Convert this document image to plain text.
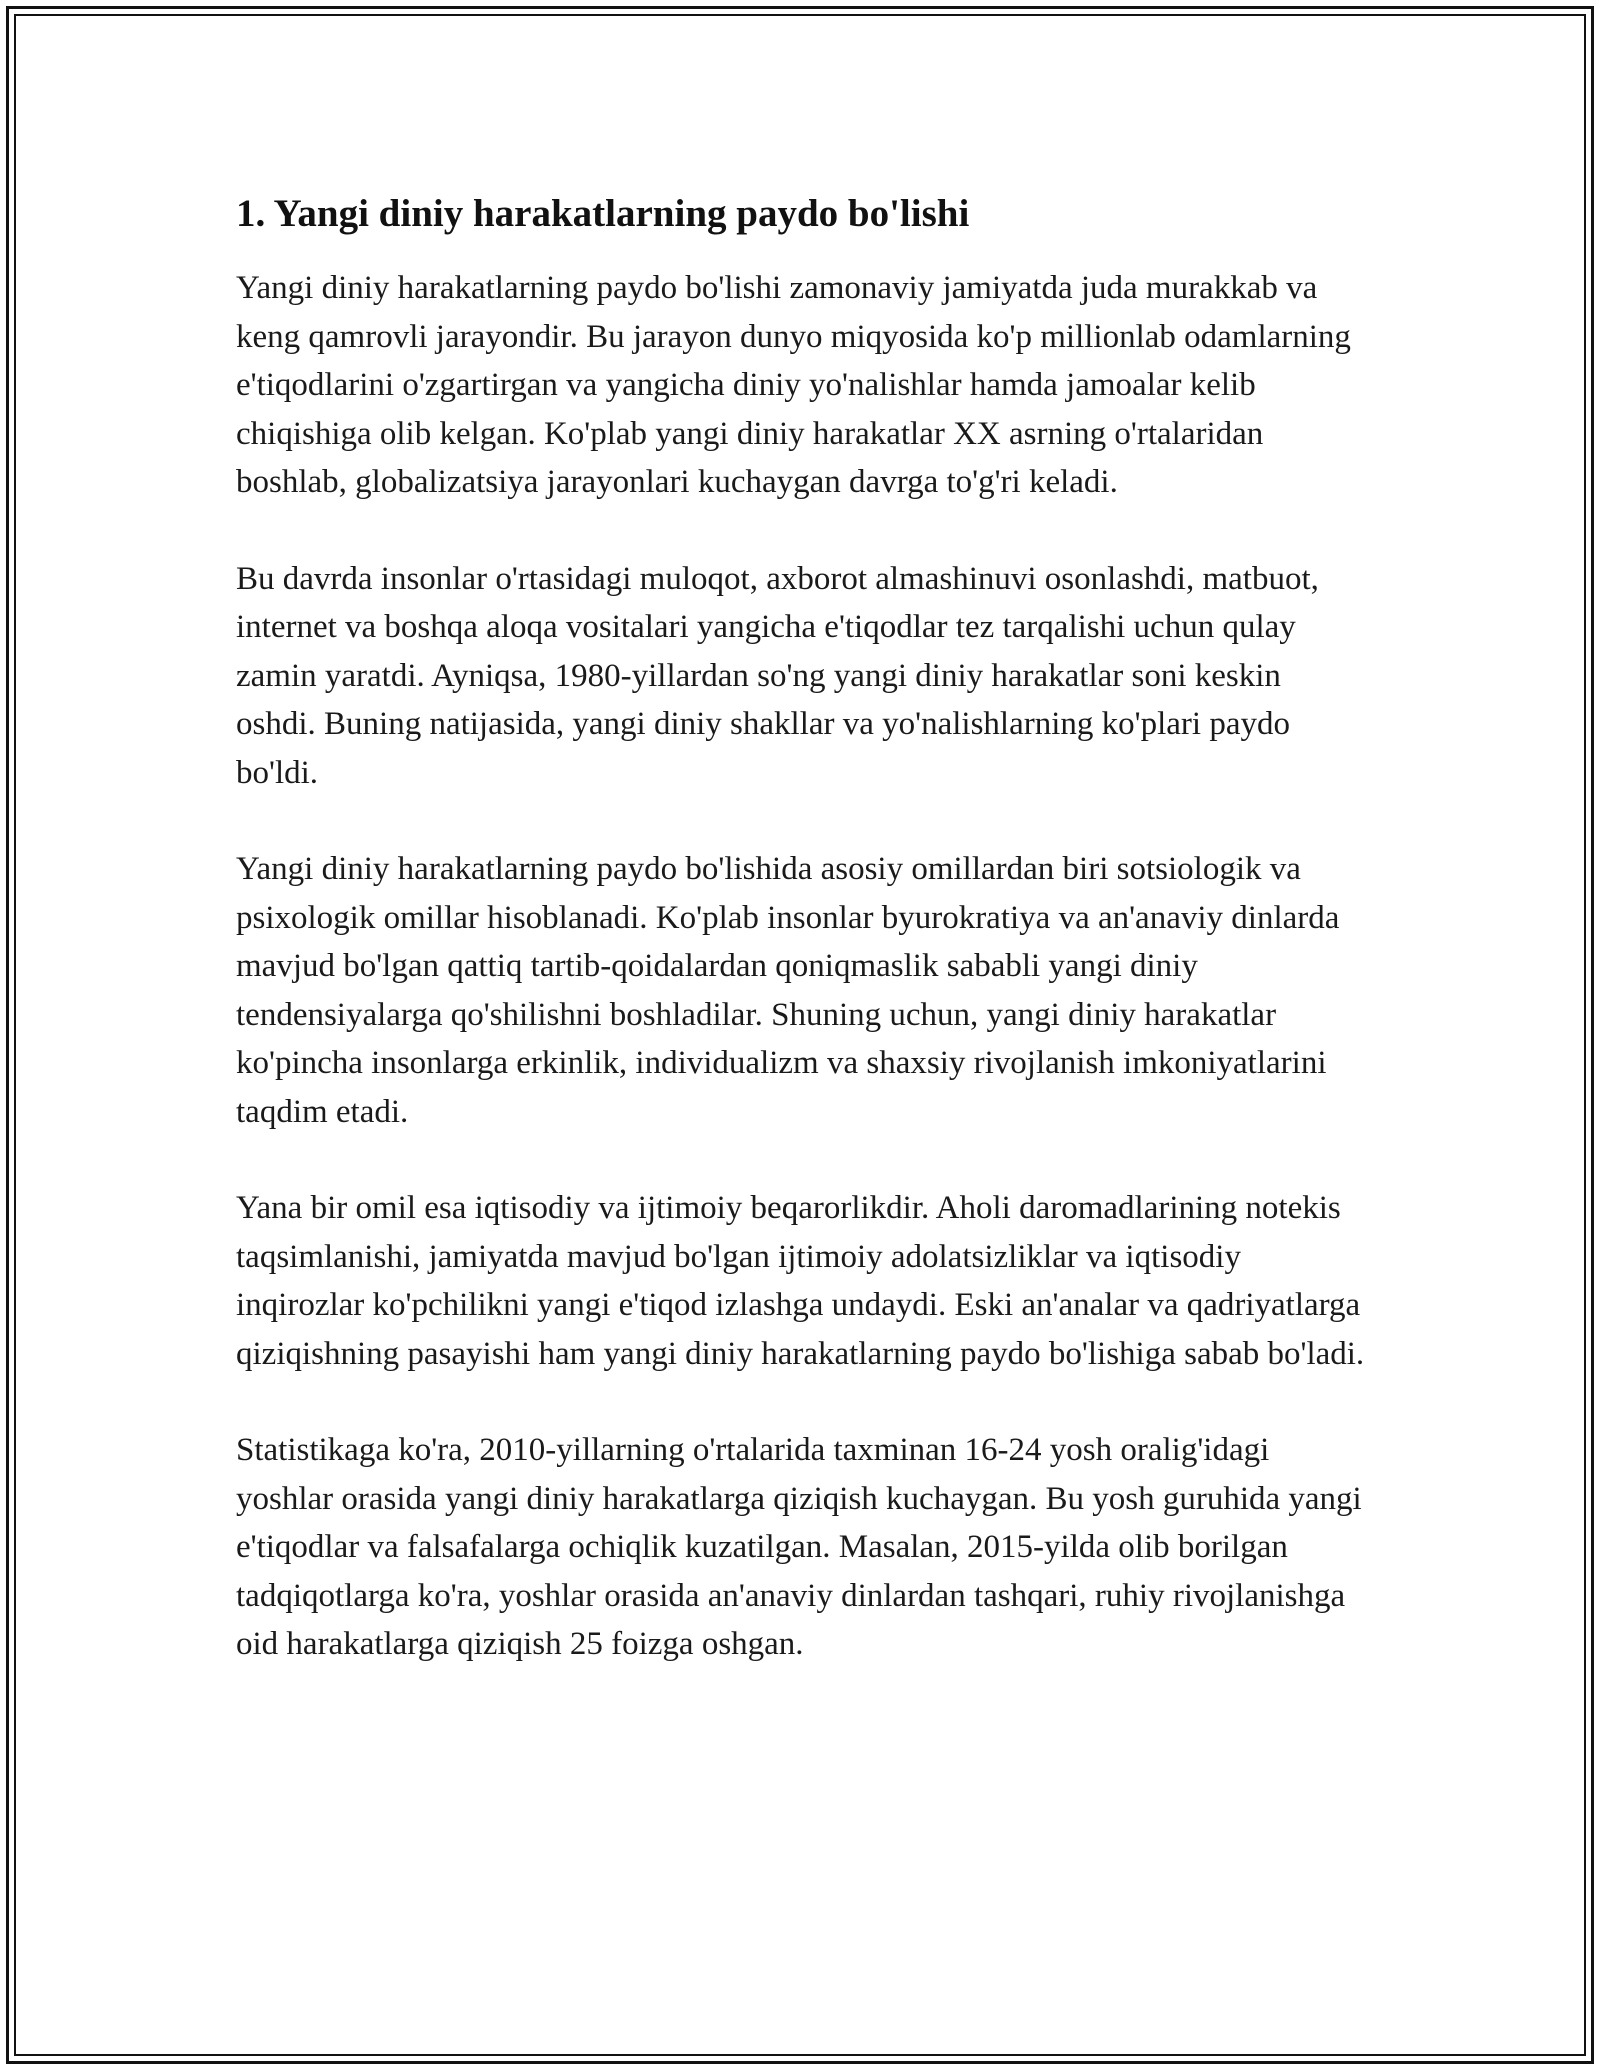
1. Yangi diniy harakatlarning paydo bo'lishi

Yangi diniy harakatlarning paydo bo'lishi zamonaviy jamiyatda juda murakkab va keng qamrovli jarayondir. Bu jarayon dunyo miqyosida ko'p millionlab odamlarning e'tiqodlarini o'zgartirgan va yangicha diniy yo'nalishlar hamda jamoalar kelib chiqishiga olib kelgan. Ko'plab yangi diniy harakatlar XX asrning o'rtalaridan boshlab, globalizatsiya jarayonlari kuchaygan davrga to'g'ri keladi.

Bu davrda insonlar o'rtasidagi muloqot, axborot almashinuvi osonlashdi, matbuot, internet va boshqa aloqa vositalari yangicha e'tiqodlar tez tarqalishi uchun qulay zamin yaratdi. Ayniqsa, 1980-yillardan so'ng yangi diniy harakatlar soni keskin oshdi. Buning natijasida, yangi diniy shakllar va yo'nalishlarning ko'plari paydo bo'ldi.

Yangi diniy harakatlarning paydo bo'lishida asosiy omillardan biri sotsiologik va psixologik omillar hisoblanadi. Ko'plab insonlar byurokratiya va an'anaviy dinlarda mavjud bo'lgan qattiq tartib-qoidalardan qoniqmaslik sababli yangi diniy tendensiyalarga qo'shilishni boshladilar. Shuning uchun, yangi diniy harakatlar ko'pincha insonlarga erkinlik, individualizm va shaxsiy rivojlanish imkoniyatlarini taqdim etadi.

Yana bir omil esa iqtisodiy va ijtimoiy beqarorlikdir. Aholi daromadlarining notekis taqsimlanishi, jamiyatda mavjud bo'lgan ijtimoiy adolatsizliklar va iqtisodiy inqirozlar ko'pchilikni yangi e'tiqod izlashga undaydi. Eski an'analar va qadriyatlarga qiziqishning pasayishi ham yangi diniy harakatlarning paydo bo'lishiga sabab bo'ladi.

Statistikaga ko'ra, 2010-yillarning o'rtalarida taxminan 16-24 yosh oralig'idagi yoshlar orasida yangi diniy harakatlarga qiziqish kuchaygan. Bu yosh guruhida yangi e'tiqodlar va falsafalarga ochiqlik kuzatilgan. Masalan, 2015-yilda olib borilgan tadqiqotlarga ko'ra, yoshlar orasida an'anaviy dinlardan tashqari, ruhiy rivojlanishga oid harakatlarga qiziqish 25 foizga oshgan.
